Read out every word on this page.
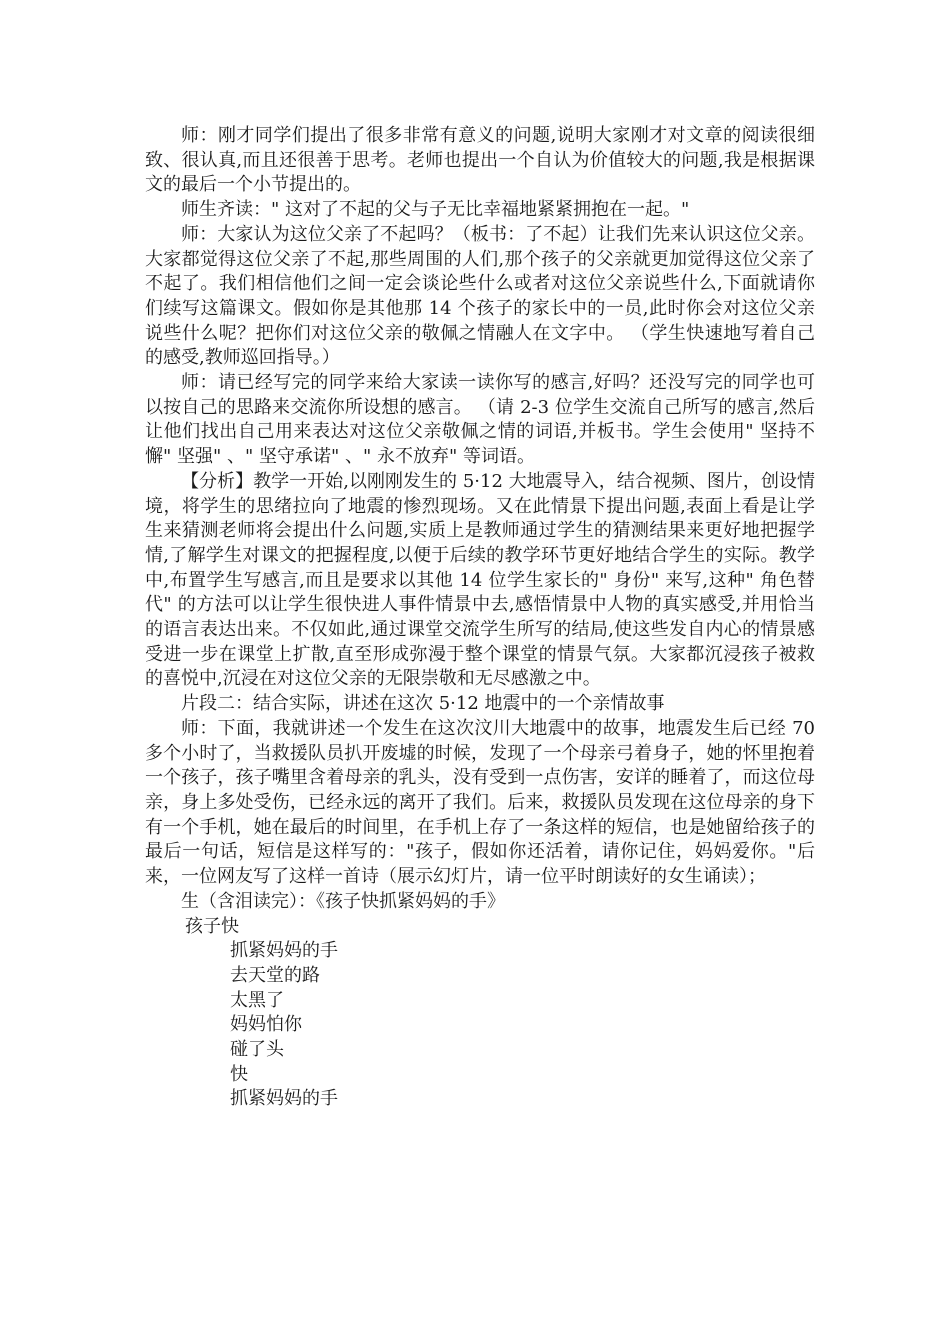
师：刚才同学们提出了很多非常有意义的问题,说明大家刚才对文章的阅读很细致、很认真,而且还很善于思考。老师也提出一个自认为价值较大的问题,我是根据课文的最后一个小节提出的。

师生齐读：" 这对了不起的父与子无比幸福地紧紧拥抱在一起。"

师：大家认为这位父亲了不起吗？（板书：了不起）让我们先来认识这位父亲。大家都觉得这位父亲了不起,那些周围的人们,那个孩子的父亲就更加觉得这位父亲了不起了。我们相信他们之间一定会谈论些什么或者对这位父亲说些什么,下面就请你们续写这篇课文。假如你是其他那 14 个孩子的家长中的一员,此时你会对这位父亲说些什么呢？把你们对这位父亲的敬佩之情融人在文字中。 （学生快速地写着自己的感受,教师巡回指导。）

师：请已经写完的同学来给大家读一读你写的感言,好吗？还没写完的同学也可以按自己的思路来交流你所设想的感言。 （请 2-3 位学生交流自己所写的感言,然后让他们找出自己用来表达对这位父亲敬佩之情的词语,并板书。学生会使用" 坚持不懈" 坚强" 、" 坚守承诺" 、" 永不放弃" 等词语。

【分析】教学一开始,以刚刚发生的 5·12 大地震导入，结合视频、图片，创设情境，将学生的思绪拉向了地震的惨烈现场。又在此情景下提出问题,表面上看是让学生来猜测老师将会提出什么问题,实质上是教师通过学生的猜测结果来更好地把握学情,了解学生对课文的把握程度,以便于后续的教学环节更好地结合学生的实际。教学中,布置学生写感言,而且是要求以其他 14 位学生家长的" 身份" 来写,这种" 角色替代" 的方法可以让学生很快进人事件情景中去,感悟情景中人物的真实感受,并用恰当的语言表达出来。不仅如此,通过课堂交流学生所写的结局,使这些发自内心的情景感受进一步在课堂上扩散,直至形成弥漫于整个课堂的情景气氛。大家都沉浸孩子被救的喜悦中,沉浸在对这位父亲的无限崇敬和无尽感激之中。

片段二：结合实际，讲述在这次 5·12 地震中的一个亲情故事

师：下面，我就讲述一个发生在这次汶川大地震中的故事，地震发生后已经 70 多个小时了，当救援队员扒开废墟的时候，发现了一个母亲弓着身子，她的怀里抱着一个孩子，孩子嘴里含着母亲的乳头，没有受到一点伤害，安详的睡着了，而这位母亲，身上多处受伤，已经永远的离开了我们。后来，救援队员发现在这位母亲的身下有一个手机，她在最后的时间里，在手机上存了一条这样的短信，也是她留给孩子的最后一句话，短信是这样写的："孩子，假如你还活着，请你记住，妈妈爱你。"后来，一位网友写了这样一首诗（展示幻灯片，请一位平时朗读好的女生诵读）；

生（含泪读完）：《孩子快抓紧妈妈的手》

孩子快

抓紧妈妈的手

去天堂的路

太黑了

妈妈怕你

碰了头

快

抓紧妈妈的手
